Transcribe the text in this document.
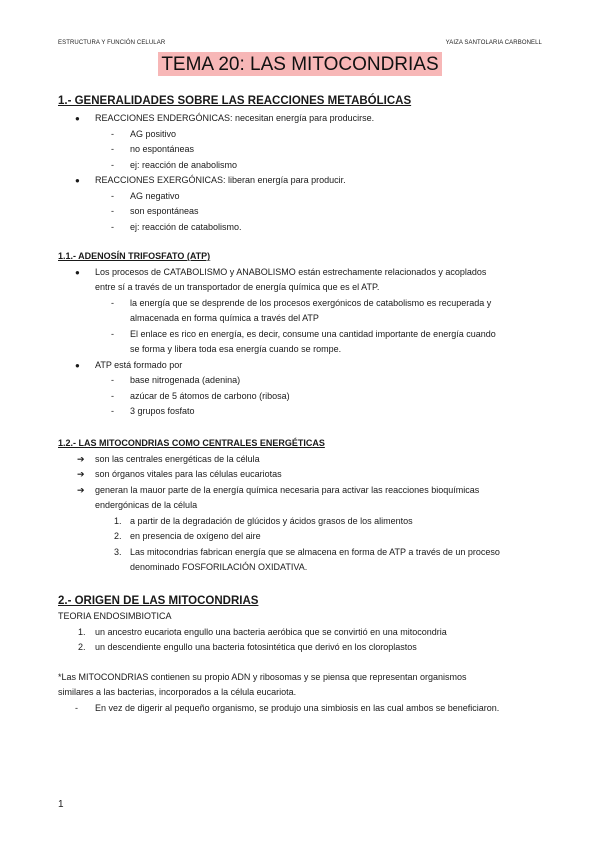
ESTRUCTURA Y FUNCIÓN CELULAR	YAIZA SANTOLARIA CARBONELL
TEMA 20: LAS MITOCONDRIAS
1.- GENERALIDADES SOBRE LAS REACCIONES METABÓLICAS
● REACCIONES ENDERGÓNICAS: necesitan energía para producirse.
- AG positivo
- no espontáneas
- ej: reacción de anabolismo
● REACCIONES EXERGÓNICAS: liberan energía para producir.
- AG negativo
- son espontáneas
- ej: reacción de catabolismo.
1.1.- ADENOSÍN TRIFOSFATO (ATP)
● Los procesos de CATABOLISMO y ANABOLISMO están estrechamente relacionados y acoplados
entre sí a través de un transportador de energía química que es el ATP.
- la energía que se desprende de los procesos exergónicos de catabolismo es recuperada y
almacenada en forma química a través del ATP
- El enlace es rico en energía, es decir, consume una cantidad importante de energía cuando
se forma y libera toda esa energía cuando se rompe.
● ATP está formado por
- base nitrogenada (adenina)
- azúcar de 5 átomos de carbono (ribosa)
- 3 grupos fosfato
1.2.- LAS MITOCONDRIAS COMO CENTRALES ENERGÉTICAS
➔ son las centrales energéticas de la célula
➔ son órganos vitales para las células eucariotas
➔ generan la mauor parte de la energía química necesaria para activar las reacciones bioquímicas
endergónicas de la célula
1. a partir de la degradación de glúcidos y ácidos grasos de los alimentos
2. en presencia de oxígeno del aire
3. Las mitocondrias fabrican energía que se almacena en forma de ATP a través de un proceso
denominado FOSFORILACIÓN OXIDATIVA.
2.- ORIGEN DE LAS MITOCONDRIAS
TEORIA ENDOSIMBIOTICA
1. un ancestro eucariota engullo una bacteria aeróbica que se convirtió en una mitocondria
2. un descendiente engullo una bacteria fotosintética que derivó en los cloroplastos
*Las MITOCONDRIAS contienen su propio ADN y ribosomas y se piensa que representan organismos
similares a las bacterias, incorporados a la célula eucariota.
- En vez de digerir al pequeño organismo, se produjo una simbiosis en las cual ambos se beneficiaron.
1
